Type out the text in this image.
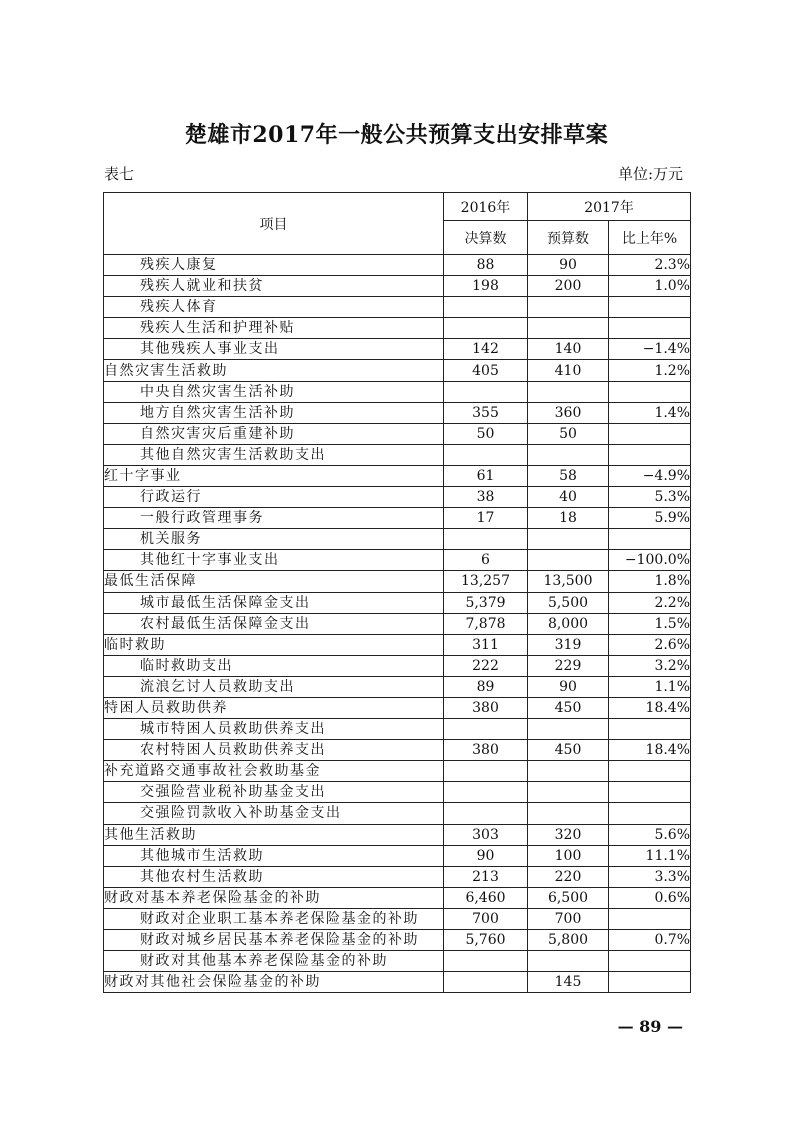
楚雄市2017年一般公共预算支出安排草案
表七	单位:万元
项目	2016年	2017年	
	决算数	预算数	比上年%
残疾人康复	88	90	2.3%
残疾人就业和扶贫	198	200	1.0%
残疾人体育			
残疾人生活和护理补贴			
其他残疾人事业支出	142	140	−1.4%
自然灾害生活救助	405	410	1.2%
中央自然灾害生活补助			
地方自然灾害生活补助	355	360	1.4%
自然灾害灾后重建补助	50	50	
其他自然灾害生活救助支出			
红十字事业	61	58	−4.9%
行政运行	38	40	5.3%
一般行政管理事务	17	18	5.9%
机关服务			
其他红十字事业支出	6		−100.0%
最低生活保障	13,257	13,500	1.8%
城市最低生活保障金支出	5,379	5,500	2.2%
农村最低生活保障金支出	7,878	8,000	1.5%
临时救助	311	319	2.6%
临时救助支出	222	229	3.2%
流浪乞讨人员救助支出	89	90	1.1%
特困人员救助供养	380	450	18.4%
城市特困人员救助供养支出			
农村特困人员救助供养支出	380	450	18.4%
补充道路交通事故社会救助基金			
交强险营业税补助基金支出			
交强险罚款收入补助基金支出			
其他生活救助	303	320	5.6%
其他城市生活救助	90	100	11.1%
其他农村生活救助	213	220	3.3%
财政对基本养老保险基金的补助	6,460	6,500	0.6%
财政对企业职工基本养老保险基金的补助	700	700	
财政对城乡居民基本养老保险基金的补助	5,760	5,800	0.7%
财政对其他基本养老保险基金的补助			
财政对其他社会保险基金的补助		145	
— 89 —
